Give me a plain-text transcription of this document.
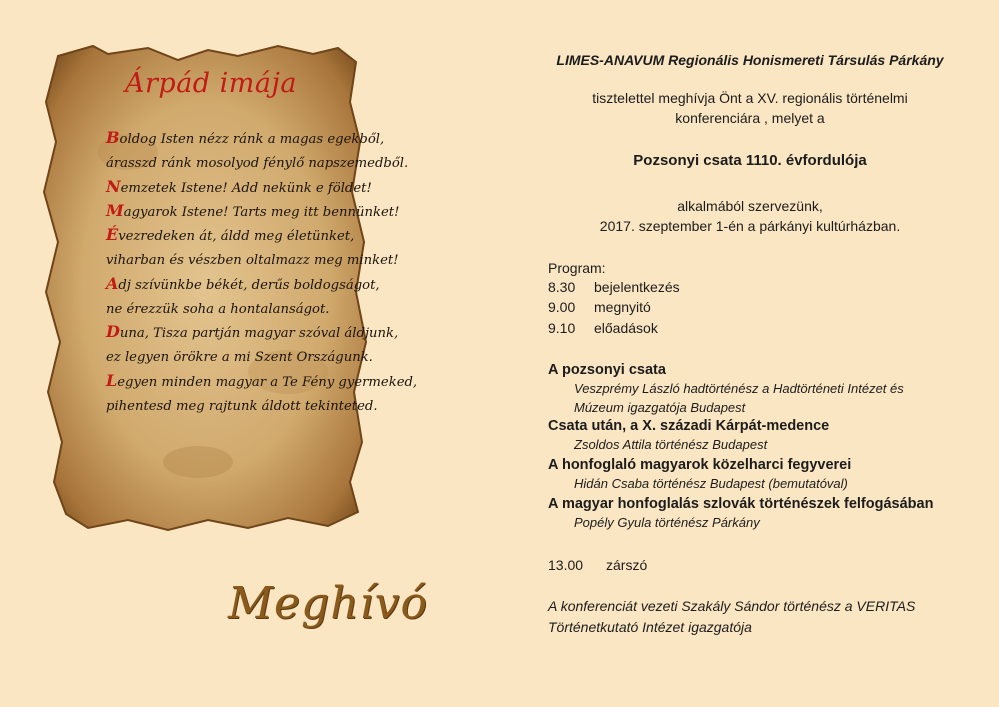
Árpád imája
Boldog Isten nézz ránk a magas egekből,
árasszd ránk mosolyod fénylő napszemedből.
Nemzetek Istene! Add nekünk e földet!
Magyarok Istene! Tarts meg itt bennünket!
Évezredeken át, áldd meg életünket,
viharban és vészben oltalmazz meg minket!
Adj szívünkbe békét, derűs boldogságot,
ne érezzük soha a hontalanságot.
Duna, Tisza partján magyar szóval áldjunk,
ez legyen örökre a mi Szent Országunk.
Legyen minden magyar a Te Fény gyermeked,
pihentesd meg rajtunk áldott tekinteted.
Meghívó
LIMES-ANAVUM Regionális Honismereti Társulás Párkány
tisztelettel meghívja Önt a XV. regionális történelmi
konferenciára , melyet a
Pozsonyi csata 1110. évfordulója
alkalmából szervezünk,
2017. szeptember 1-én a párkányi kultúrházban.
Program:
8.30 bejelentkezés
9.00 megnyitó
9.10 előadások
A pozsonyi csata
Veszprémy László hadtörténész a Hadtörténeti Intézet és
Múzeum igazgatója Budapest
Csata után, a X. századi Kárpát-medence
Zsoldos Attila történész Budapest
A honfoglaló magyarok közelharci fegyverei
Hidán Csaba történész Budapest (bemutatóval)
A magyar honfoglalás szlovák történészek felfogásában
Popély Gyula történész Párkány
13.00 zárszó
A konferenciát vezeti Szakály Sándor történész a VERITAS
Történetkutató Intézet igazgatója
